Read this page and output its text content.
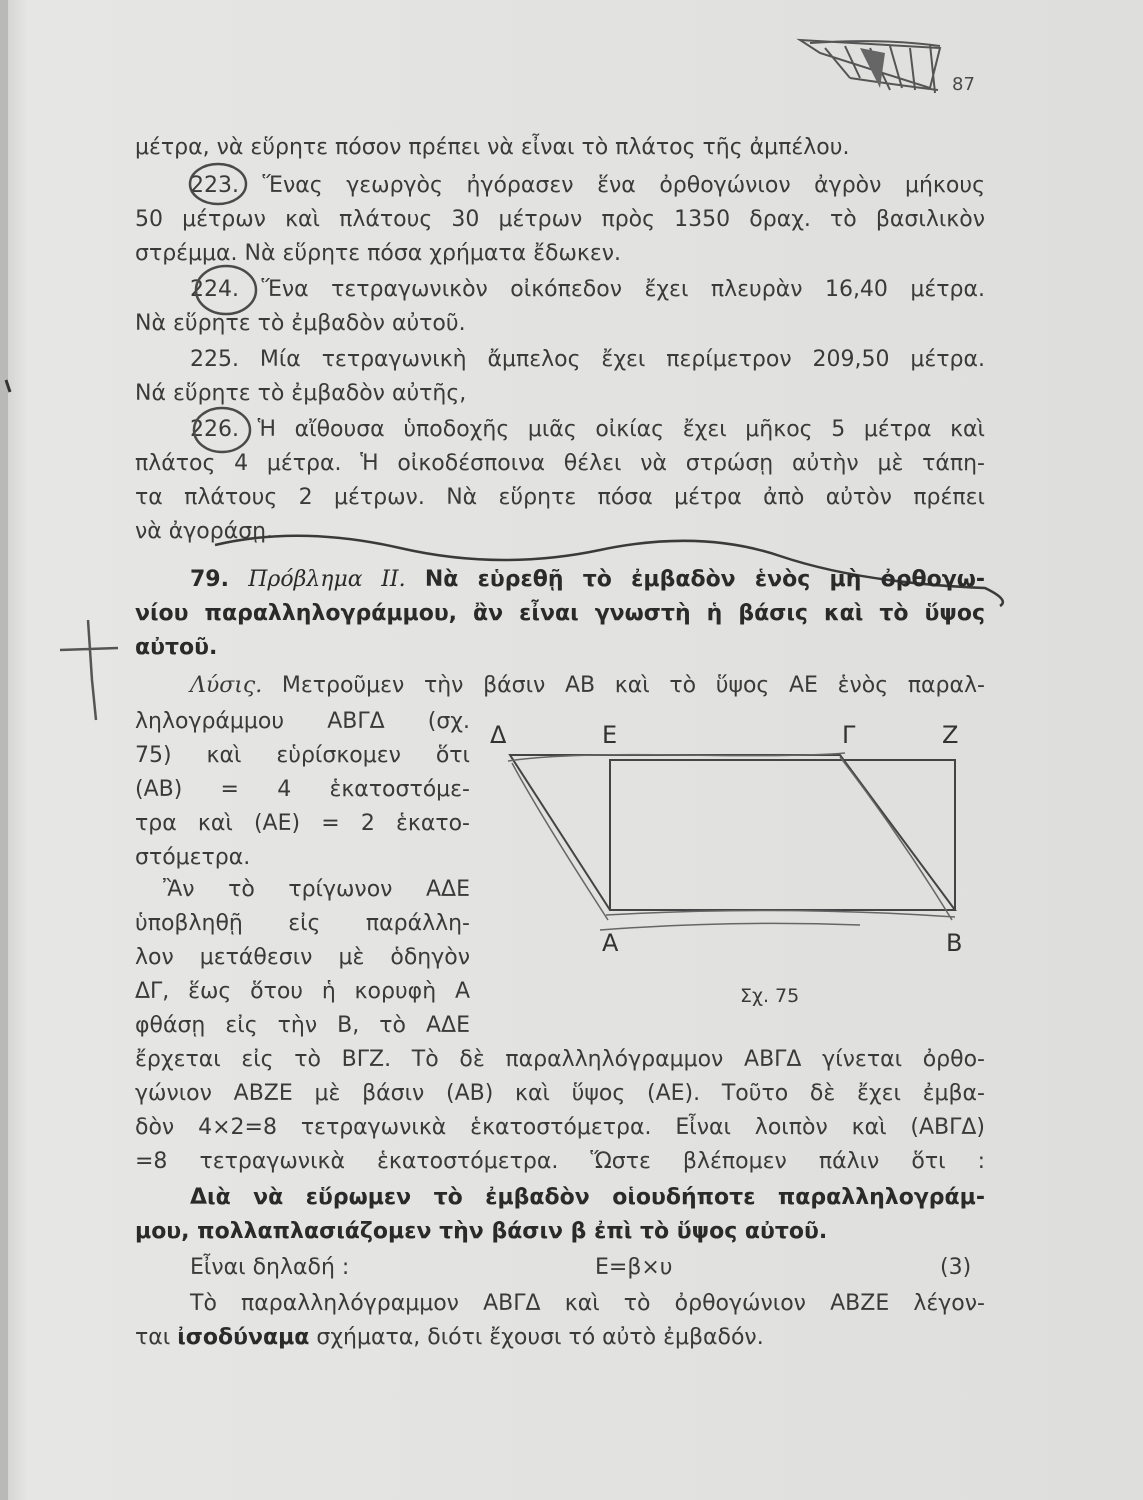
87
μέτρα, νὰ εὕρητε πόσον πρέπει νὰ εἶναι τὸ πλάτος τῆς ἀμπέλου.
223. Ἕνας γεωργὸς ἠγόρασεν ἕνα ὀρθογώνιον ἀγρὸν μήκους
50 μέτρων καὶ πλάτους 30 μέτρων πρὸς 1350 δραχ. τὸ βασιλικὸν
στρέμμα. Νὰ εὕρητε πόσα χρήματα ἔδωκεν.
224. Ἕνα τετραγωνικὸν οἰκόπεδον ἔχει πλευρὰν 16,40 μέτρα.
Νὰ εὕρητε τὸ ἐμβαδὸν αὐτοῦ.
225. Μία τετραγωνικὴ ἄμπελος ἔχει περίμετρον 209,50 μέτρα.
Νά εὕρητε τὸ ἐμβαδὸν αὐτῆς,
226. Ἡ αἴθουσα ὑποδοχῆς μιᾶς οἰκίας ἔχει μῆκος 5 μέτρα καὶ
πλάτος 4 μέτρα. Ἡ οἰκοδέσποινα θέλει νὰ στρώσῃ αὐτὴν μὲ τάπη-
τα πλάτους 2 μέτρων. Νὰ εὕρητε πόσα μέτρα ἀπὸ αὐτὸν πρέπει
νὰ ἀγοράσῃ.
79. Πρόβλημα ΙΙ. Νὰ εὑρεθῇ τὸ ἐμβαδὸν ἑνὸς μὴ ὀρθογω-
νίου παραλληλογράμμου, ἂν εἶναι γνωστὴ ἡ βάσις καὶ τὸ ὕψος
αὐτοῦ.
Λύσις. Μετροῦμεν τὴν βάσιν ΑΒ καὶ τὸ ὕψος ΑΕ ἑνὸς παραλ-
ληλογράμμου ΑΒΓΔ (σχ.
75) καὶ εὑρίσκομεν ὅτι
(ΑΒ) = 4 ἑκατοστόμε-
τρα καὶ (ΑΕ) = 2 ἑκατο-
στόμετρα.
Ἂν τὸ τρίγωνον ΑΔΕ
ὑποβληθῇ εἰς παράλλη-
λον μετάθεσιν μὲ ὁδηγὸν
ΔΓ, ἕως ὅτου ἡ κορυφὴ Α
φθάσῃ εἰς τὴν Β, τὸ ΑΔΕ
Δ	Ε	Γ	Ζ
Α	Β
Σχ. 75
ἔρχεται εἰς τὸ ΒΓΖ. Τὸ δὲ παραλληλόγραμμον ΑΒΓΔ γίνεται ὀρθο-
γώνιον ΑΒΖΕ μὲ βάσιν (ΑΒ) καὶ ὕψος (ΑΕ). Τοῦτο δὲ ἔχει ἐμβα-
δὸν 4×2=8 τετραγωνικὰ ἑκατοστόμετρα. Εἶναι λοιπὸν καὶ (ΑΒΓΔ)
=8 τετραγωνικὰ ἑκατοστόμετρα. Ὥστε βλέπομεν πάλιν ὅτι :
Διὰ νὰ εὕρωμεν τὸ ἐμβαδὸν οἱουδήποτε παραλληλογράμ-
μου, πολλαπλασιάζομεν τὴν βάσιν β ἐπὶ τὸ ὕψος αὐτοῦ.
Εἶναι δηλαδή :	Ε=β×υ	(3)
Τὸ παραλληλόγραμμον ΑΒΓΔ καὶ τὸ ὀρθογώνιον ΑΒΖΕ λέγον-
ται ἰσοδύναμα σχήματα, διότι ἔχουσι τό αὐτὸ ἐμβαδόν.
